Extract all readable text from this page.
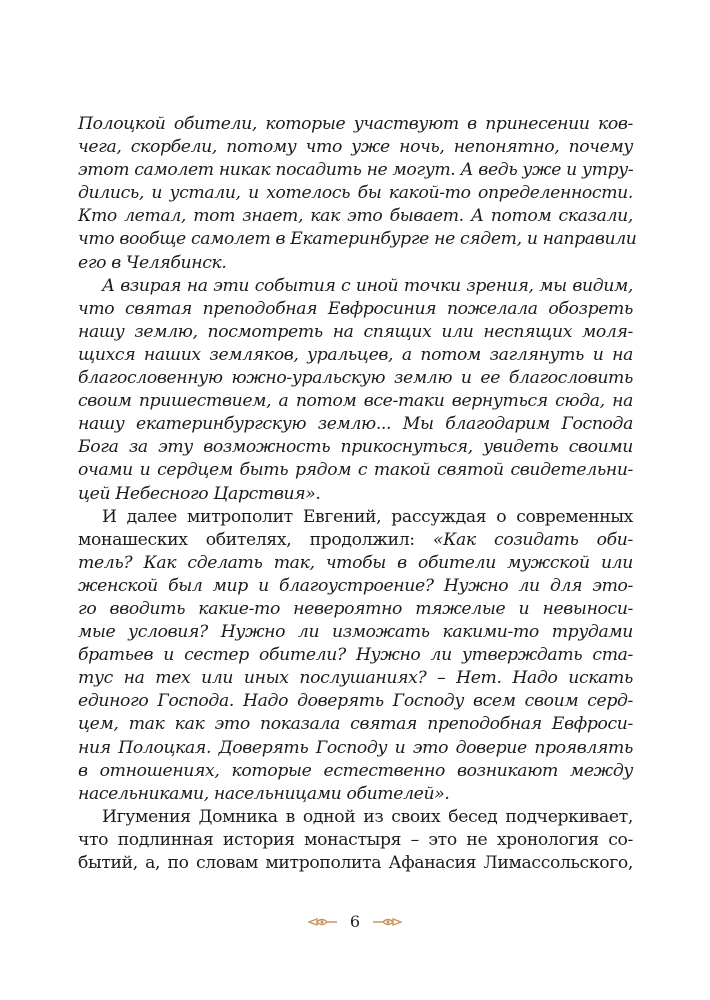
Полоцкой обители, которые участвуют в принесении ков-
чега, скорбели, потому что уже ночь, непонятно, почему
этот самолет никак посадить не могут. А ведь уже и утру-
дились, и устали, и хотелось бы какой-то определенности.
Кто летал, тот знает, как это бывает. А потом сказали,
что вообще самолет в Екатеринбурге не сядет, и направили
его в Челябинск.
А взирая на эти события с иной точки зрения, мы видим,
что святая преподобная Евфросиния пожелала обозреть
нашу землю, посмотреть на спящих или неспящих моля-
щихся наших земляков, уральцев, а потом заглянуть и на
благословенную южно-уральскую землю и ее благословить
своим пришествием, а потом все-таки вернуться сюда, на
нашу екатеринбургскую землю... Мы благодарим Господа
Бога за эту возможность прикоснуться, увидеть своими
очами и сердцем быть рядом с такой святой свидетельни-
цей Небесного Царствия».
И далее митрополит Евгений, рассуждая о современных
монашеских обителях, продолжил: «Как созидать оби-
тель? Как сделать так, чтобы в обители мужской или
женской был мир и благоустроение? Нужно ли для это-
го вводить какие-то невероятно тяжелые и невыноси-
мые условия? Нужно ли изможать какими-то трудами
братьев и сестер обители? Нужно ли утверждать ста-
тус на тех или иных послушаниях? – Нет. Надо искать
единого Господа. Надо доверять Господу всем своим серд-
цем, так как это показала святая преподобная Евфроси-
ния Полоцкая. Доверять Господу и это доверие проявлять
в отношениях, которые естественно возникают между
насельниками, насельницами обителей».
Игумения Домника в одной из своих бесед подчеркивает,
что подлинная история монастыря – это не хронология со-
бытий, а, по словам митрополита Афанасия Лимассольского,
6
